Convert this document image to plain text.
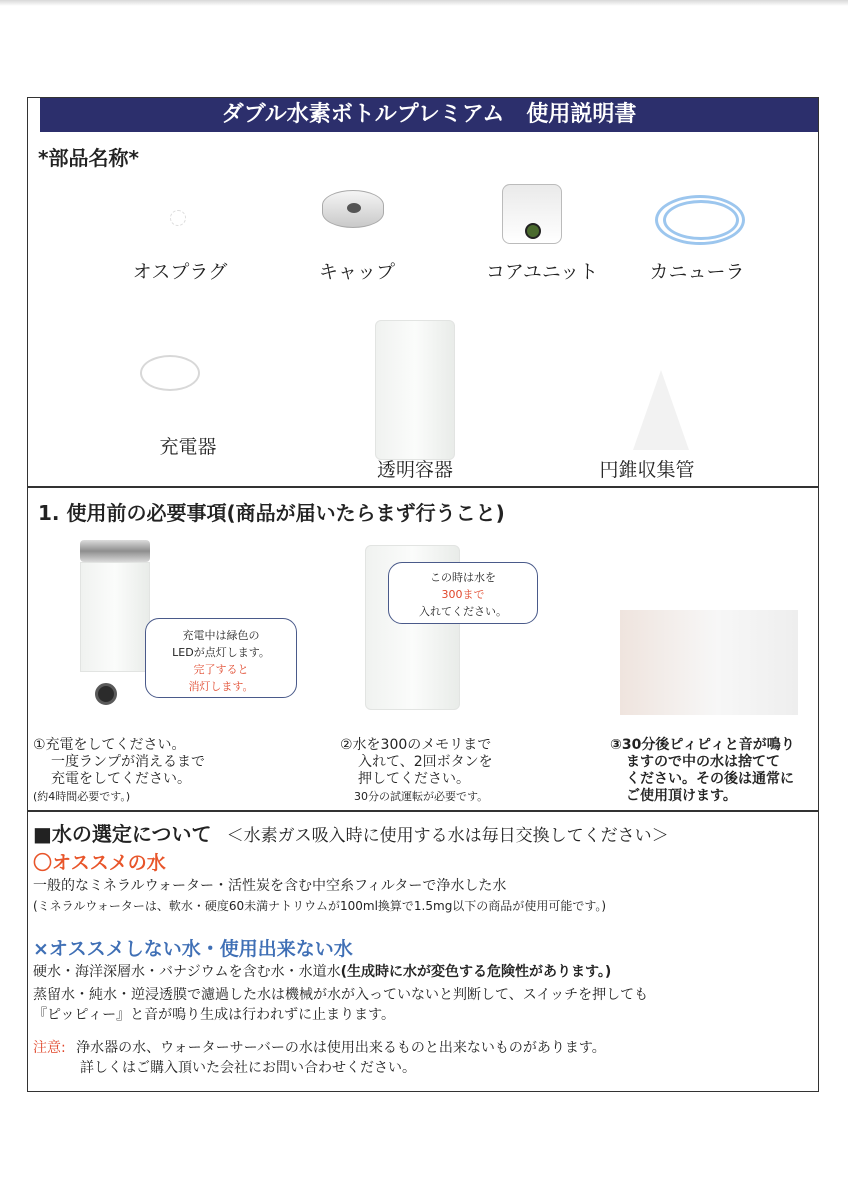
ダブル水素ボトルプレミアム　使用説明書
*部品名称*
オスプラグ	キャップ	コアユニット	カニューラ
充電器
透明容器	円錐収集管
1. 使用前の必要事項(商品が届いたらまず行うこと)
充電中は緑色の
LEDが点灯します。
完了すると
消灯します。
この時は水を
300まで
入れてください。
①充電をしてください。
一度ランプが消えるまで
充電をしてください。
(約4時間必要です。)
②水を300のメモリまで
入れて、2回ボタンを
押してください。
30分の試運転が必要です。
③30分後ピィピィと音が鳴り
ますので中の水は捨てて
ください。その後は通常に
ご使用頂けます。
■水の選定について ＜水素ガス吸入時に使用する水は毎日交換してください＞
〇オススメの水
一般的なミネラルウォーター・活性炭を含む中空糸フィルターで浄水した水
(ミネラルウォーターは、軟水・硬度60未満ナトリウムが100ml換算で1.5mg以下の商品が使用可能です。)
×オススメしない水・使用出来ない水
硬水・海洋深層水・バナジウムを含む水・水道水(生成時に水が変色する危険性があります。)
蒸留水・純水・逆浸透膜で濾過した水は機械が水が入っていないと判断して、スイッチを押しても
『ピッピィー』と音が鳴り生成は行われずに止まります。
注意: 浄水器の水、ウォーターサーバーの水は使用出来るものと出来ないものがあります。
詳しくはご購入頂いた会社にお問い合わせください。
